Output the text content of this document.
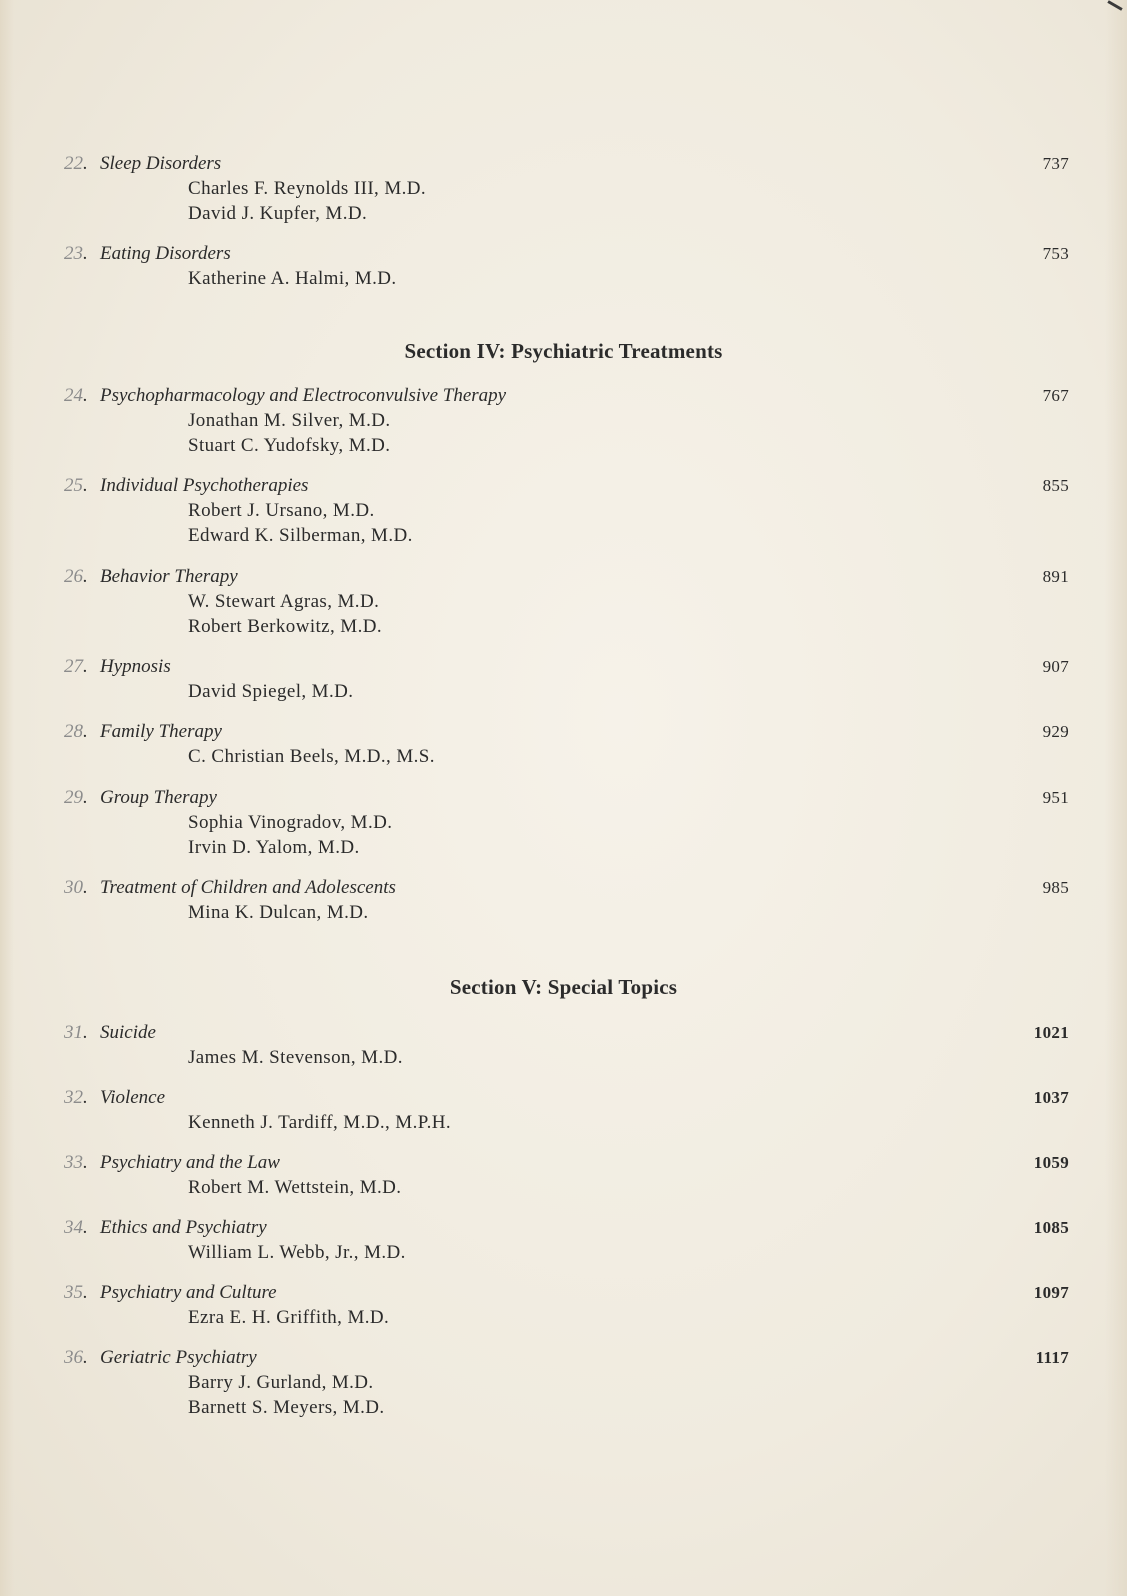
22 . Sleep Disorders	737
Charles F. Reynolds III, M.D.
David J. Kupfer, M.D.
23 . Eating Disorders	753
Katherine A. Halmi, M.D.
Section IV: Psychiatric Treatments
24 . Psychopharmacology and Electroconvulsive Therapy	767
Jonathan M. Silver, M.D.
Stuart C. Yudofsky, M.D.
25 . Individual Psychotherapies	855
Robert J. Ursano, M.D.
Edward K. Silberman, M.D.
26 . Behavior Therapy	891
W. Stewart Agras, M.D.
Robert Berkowitz, M.D.
27 . Hypnosis	907
David Spiegel, M.D.
28 . Family Therapy	929
C. Christian Beels, M.D., M.S.
29 . Group Therapy	951
Sophia Vinogradov, M.D.
Irvin D. Yalom, M.D.
30 . Treatment of Children and Adolescents	985
Mina K. Dulcan, M.D.
Section V: Special Topics
31 . Suicide	1021
James M. Stevenson, M.D.
32 . Violence	1037
Kenneth J. Tardiff, M.D., M.P.H.
33 . Psychiatry and the Law	1059
Robert M. Wettstein, M.D.
34 . Ethics and Psychiatry	1085
William L. Webb, Jr., M.D.
35 . Psychiatry and Culture	1097
Ezra E. H. Griffith, M.D.
36 . Geriatric Psychiatry	1117
Barry J. Gurland, M.D.
Barnett S. Meyers, M.D.
